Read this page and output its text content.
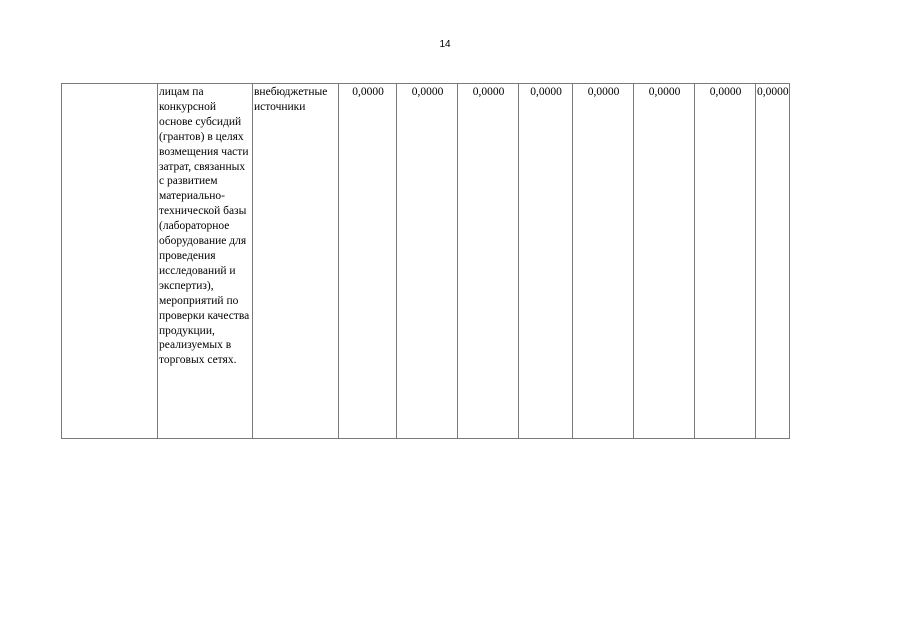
14
	лицам па конкурсной основе субсидий (грантов) в целях возмещения части затрат, связанных с развитием материально-технической базы (лабораторное оборудование для проведения исследований и экспертиз), мероприятий по проверки качества продукции, реализуемых в торговых сетях.	внебюджетные источники	0,0000	0,0000	0,0000	0,0000	0,0000	0,0000	0,0000	0,0000
